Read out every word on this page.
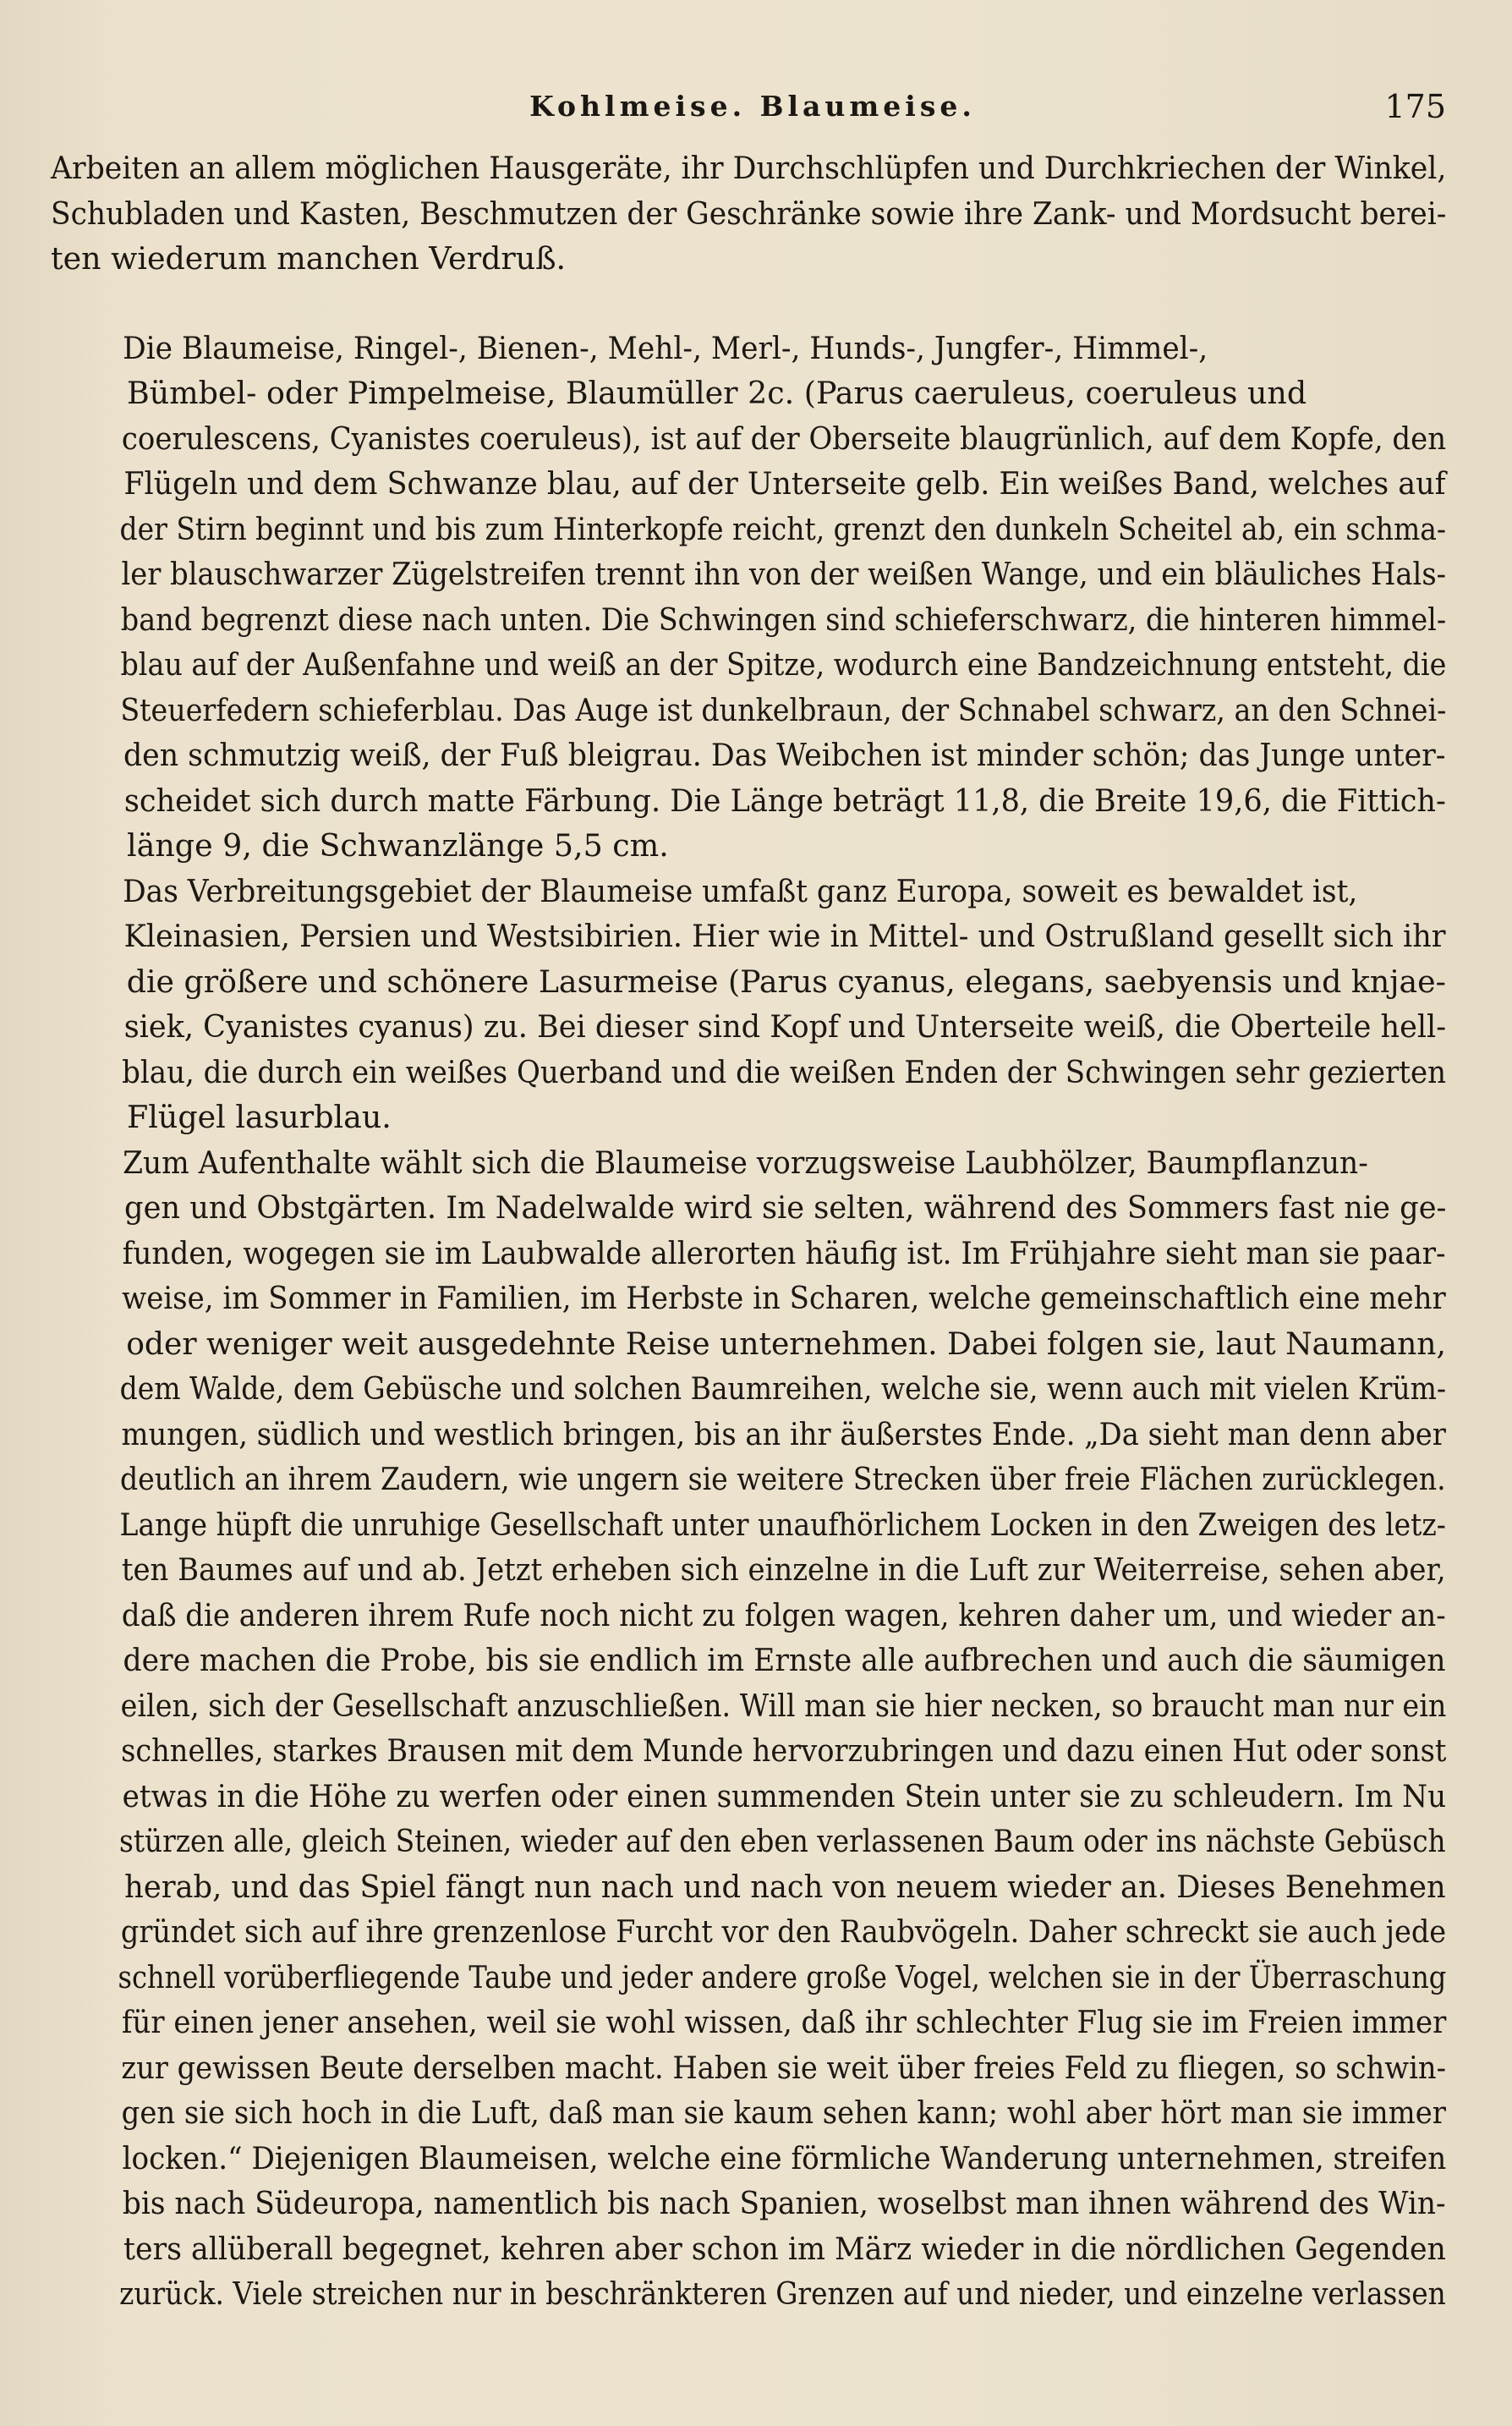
Kohlmeise. Blaumeise.	175

Arbeiten an allem möglichen Hausgeräte, ihr Durchschlüpfen und Durchkriechen der Winkel,
Schubladen und Kasten, Beschmutzen der Geschränke sowie ihre Zank- und Mordsucht berei-
ten wiederum manchen Verdruß.

Die Blaumeise, Ringel-, Bienen-, Mehl-, Merl-, Hunds-, Jungfer-, Himmel-,
Bümbel- oder Pimpelmeise, Blaumüller 2c. (Parus caeruleus, coeruleus und
coerulescens, Cyanistes coeruleus), ist auf der Oberseite blaugrünlich, auf dem Kopfe, den
Flügeln und dem Schwanze blau, auf der Unterseite gelb. Ein weißes Band, welches auf
der Stirn beginnt und bis zum Hinterkopfe reicht, grenzt den dunkeln Scheitel ab, ein schma-
ler blauschwarzer Zügelstreifen trennt ihn von der weißen Wange, und ein bläuliches Hals-
band begrenzt diese nach unten. Die Schwingen sind schieferschwarz, die hinteren himmel-
blau auf der Außenfahne und weiß an der Spitze, wodurch eine Bandzeichnung entsteht, die
Steuerfedern schieferblau. Das Auge ist dunkelbraun, der Schnabel schwarz, an den Schnei-
den schmutzig weiß, der Fuß bleigrau. Das Weibchen ist minder schön; das Junge unter-
scheidet sich durch matte Färbung. Die Länge beträgt 11,8, die Breite 19,6, die Fittich-
länge 9, die Schwanzlänge 5,5 cm.

Das Verbreitungsgebiet der Blaumeise umfaßt ganz Europa, soweit es bewaldet ist,
Kleinasien, Persien und Westsibirien. Hier wie in Mittel- und Ostrußland gesellt sich ihr
die größere und schönere Lasurmeise (Parus cyanus, elegans, saebyensis und knjae-
siek, Cyanistes cyanus) zu. Bei dieser sind Kopf und Unterseite weiß, die Oberteile hell-
blau, die durch ein weißes Querband und die weißen Enden der Schwingen sehr gezierten
Flügel lasurblau.

Zum Aufenthalte wählt sich die Blaumeise vorzugsweise Laubhölzer, Baumpflanzun-
gen und Obstgärten. Im Nadelwalde wird sie selten, während des Sommers fast nie ge-
funden, wogegen sie im Laubwalde allerorten häufig ist. Im Frühjahre sieht man sie paar-
weise, im Sommer in Familien, im Herbste in Scharen, welche gemeinschaftlich eine mehr
oder weniger weit ausgedehnte Reise unternehmen. Dabei folgen sie, laut Naumann,
dem Walde, dem Gebüsche und solchen Baumreihen, welche sie, wenn auch mit vielen Krüm-
mungen, südlich und westlich bringen, bis an ihr äußerstes Ende. „Da sieht man denn aber
deutlich an ihrem Zaudern, wie ungern sie weitere Strecken über freie Flächen zurücklegen.
Lange hüpft die unruhige Gesellschaft unter unaufhörlichem Locken in den Zweigen des letz-
ten Baumes auf und ab. Jetzt erheben sich einzelne in die Luft zur Weiterreise, sehen aber,
daß die anderen ihrem Rufe noch nicht zu folgen wagen, kehren daher um, und wieder an-
dere machen die Probe, bis sie endlich im Ernste alle aufbrechen und auch die säumigen
eilen, sich der Gesellschaft anzuschließen. Will man sie hier necken, so braucht man nur ein
schnelles, starkes Brausen mit dem Munde hervorzubringen und dazu einen Hut oder sonst
etwas in die Höhe zu werfen oder einen summenden Stein unter sie zu schleudern. Im Nu
stürzen alle, gleich Steinen, wieder auf den eben verlassenen Baum oder ins nächste Gebüsch
herab, und das Spiel fängt nun nach und nach von neuem wieder an. Dieses Benehmen
gründet sich auf ihre grenzenlose Furcht vor den Raubvögeln. Daher schreckt sie auch jede
schnell vorüberfliegende Taube und jeder andere große Vogel, welchen sie in der Überraschung
für einen jener ansehen, weil sie wohl wissen, daß ihr schlechter Flug sie im Freien immer
zur gewissen Beute derselben macht. Haben sie weit über freies Feld zu fliegen, so schwin-
gen sie sich hoch in die Luft, daß man sie kaum sehen kann; wohl aber hört man sie immer
locken.“ Diejenigen Blaumeisen, welche eine förmliche Wanderung unternehmen, streifen
bis nach Südeuropa, namentlich bis nach Spanien, woselbst man ihnen während des Win-
ters allüberall begegnet, kehren aber schon im März wieder in die nördlichen Gegenden
zurück. Viele streichen nur in beschränkteren Grenzen auf und nieder, und einzelne verlassen
